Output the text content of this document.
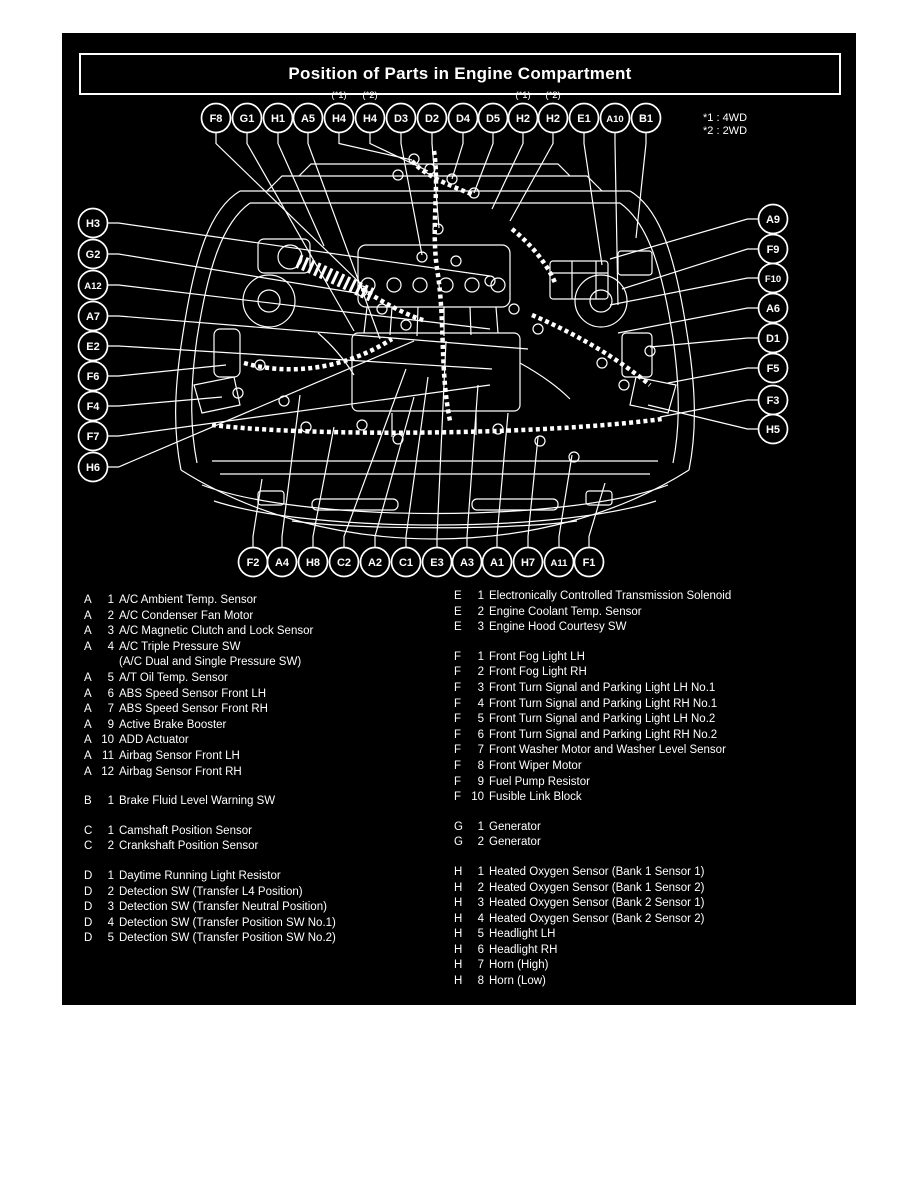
Position of Parts in Engine Compartment
*1 : 4WD
*2 : 2WD
F8 G1 H1 A5 H4
(*1)
H4
(*2)
D3 D2 D4 D5 H2
(*1)
H2
(*2)
E1 A10 B1
H3
G2
A12
A7
E2
F6
F4
F7
H6
A9
F9
F10
A6
D1
F5
F3
H5
F2 A4 H8 C2 A2 C1 E3 A3 A1 H7 A11 F1
A	1 A/C Ambient Temp. Sensor
A	2 A/C Condenser Fan Motor
A	3 A/C Magnetic Clutch and Lock Sensor
A	4 A/C Triple Pressure SW
(A/C Dual and Single Pressure SW)
A	5 A/T Oil Temp. Sensor
A	6 ABS Speed Sensor Front LH
A	7 ABS Speed Sensor Front RH
A	9 Active Brake Booster
A 10 ADD Actuator
A 11 Airbag Sensor Front LH
A 12 Airbag Sensor Front RH
B	1 Brake Fluid Level Warning SW
C	1 Camshaft Position Sensor
C	2 Crankshaft Position Sensor
D	1 Daytime Running Light Resistor
D	2 Detection SW (Transfer L4 Position)
D	3 Detection SW (Transfer Neutral Position)
D	4 Detection SW (Transfer Position SW No.1)
D	5 Detection SW (Transfer Position SW No.2)
E	1 Electronically Controlled Transmission Solenoid
E	2 Engine Coolant Temp. Sensor
E	3 Engine Hood Courtesy SW
F	1 Front Fog Light LH
F	2 Front Fog Light RH
F	3 Front Turn Signal and Parking Light LH No.1
F	4 Front Turn Signal and Parking Light RH No.1
F	5 Front Turn Signal and Parking Light LH No.2
F	6 Front Turn Signal and Parking Light RH No.2
F	7 Front Washer Motor and Washer Level Sensor
F	8 Front Wiper Motor
F	9 Fuel Pump Resistor
F 10 Fusible Link Block
G	1 Generator
G	2 Generator
H	1 Heated Oxygen Sensor (Bank 1 Sensor 1)
H	2 Heated Oxygen Sensor (Bank 1 Sensor 2)
H	3 Heated Oxygen Sensor (Bank 2 Sensor 1)
H	4 Heated Oxygen Sensor (Bank 2 Sensor 2)
H	5 Headlight LH
H	6 Headlight RH
H	7 Horn (High)
H	8 Horn (Low)
